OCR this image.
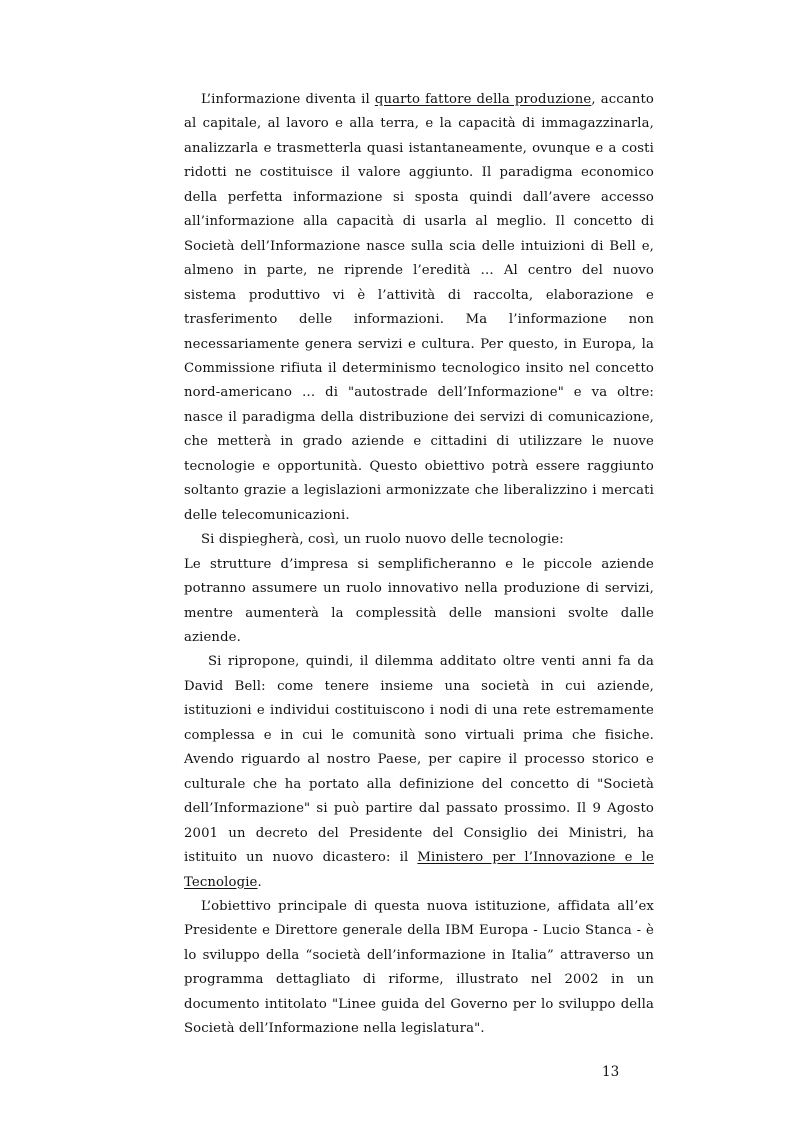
L’informazione diventa il quarto fattore della produzione, accanto al capitale, al lavoro e alla terra, e la capacità di immagazzinarla, analizzarla e trasmetterla quasi istantaneamente, ovunque e a costi ridotti ne costituisce il valore aggiunto. Il paradigma economico della perfetta informazione si sposta quindi dall’avere accesso all’informazione alla capacità di usarla al meglio. Il concetto di Società dell’Informazione nasce sulla scia delle intuizioni di Bell e, almeno in parte, ne riprende l’eredità … Al centro del nuovo sistema produttivo vi è l’attività di raccolta, elaborazione e trasferimento delle informazioni. Ma l’informazione non necessariamente genera servizi e cultura. Per questo, in Europa, la Commissione rifiuta il determinismo tecnologico insito nel concetto nord-americano … di "autostrade dell’Informazione" e va oltre: nasce il paradigma della distribuzione dei servizi di comunicazione, che metterà in grado aziende e cittadini di utilizzare le nuove tecnologie e opportunità. Questo obiettivo potrà essere raggiunto soltanto grazie a legislazioni armonizzate che liberalizzino i mercati delle telecomunicazioni.

Si dispiegherà, così, un ruolo nuovo delle tecnologie:

Le strutture d’impresa si semplificheranno e le piccole aziende potranno assumere un ruolo innovativo nella produzione di servizi, mentre aumenterà la complessità delle mansioni svolte dalle aziende.

Si ripropone, quindi, il dilemma additato oltre venti anni fa da David Bell: come tenere insieme una società in cui aziende, istituzioni e individui costituiscono i nodi di una rete estremamente complessa e in cui le comunità sono virtuali prima che fisiche. Avendo riguardo al nostro Paese, per capire il processo storico e culturale che ha portato alla definizione del concetto di "Società dell’Informazione" si può partire dal passato prossimo. Il 9 Agosto 2001 un decreto del Presidente del Consiglio dei Ministri, ha istituito un nuovo dicastero: il Ministero per l’Innovazione e le Tecnologie.

L’obiettivo principale di questa nuova istituzione, affidata all’ex Presidente e Direttore generale della IBM Europa - Lucio Stanca - è lo sviluppo della “società dell’informazione in Italia” attraverso un programma dettagliato di riforme, illustrato nel 2002 in un documento intitolato "Linee guida del Governo per lo sviluppo della Società dell’Informazione nella legislatura".

13
